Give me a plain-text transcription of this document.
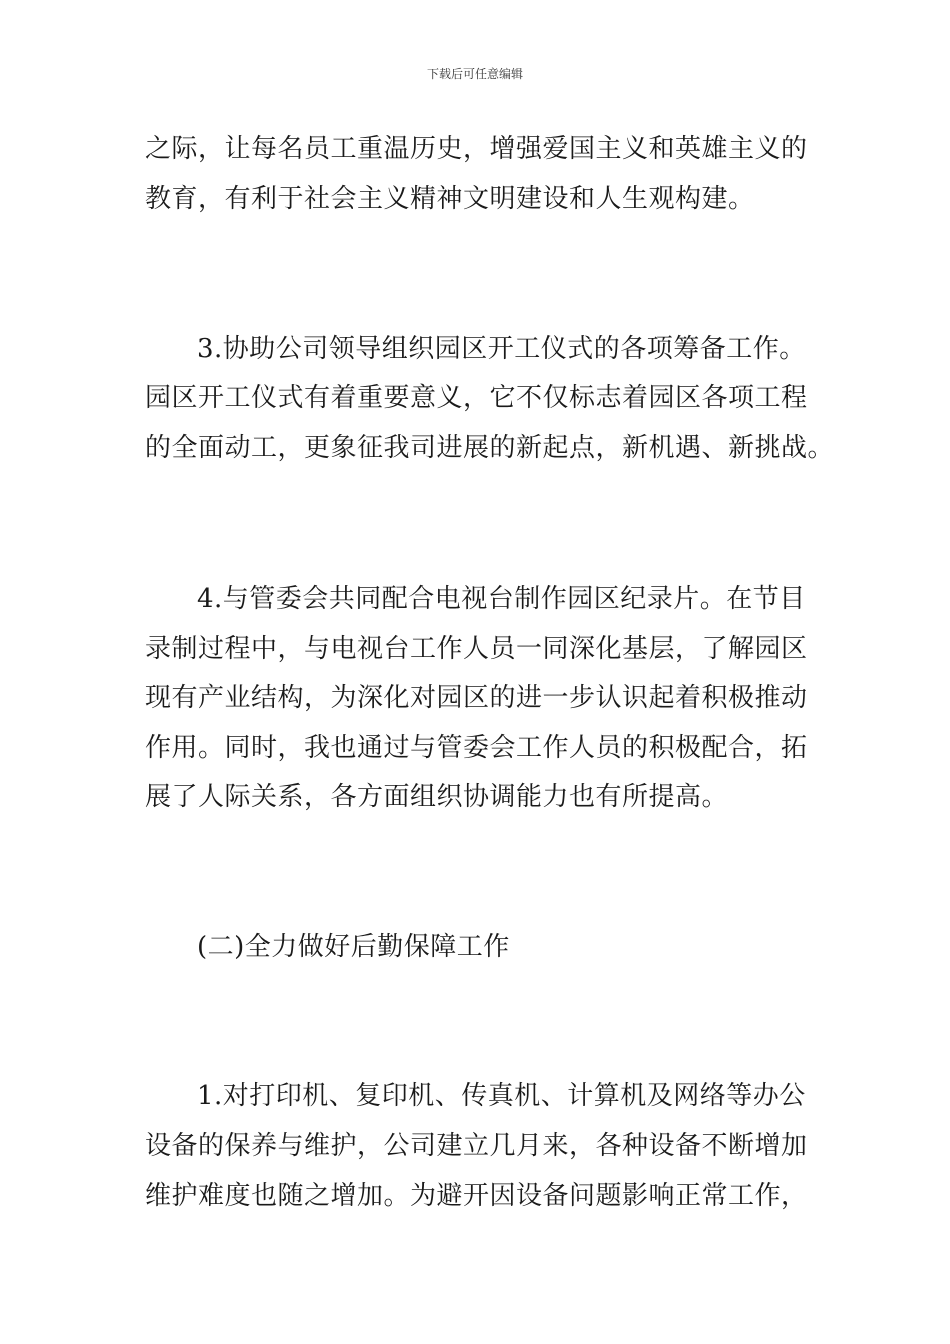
下载后可任意编辑
之际，让每名员工重温历史，增强爱国主义和英雄主义的
教育，有利于社会主义精神文明建设和人生观构建。
3.协助公司领导组织园区开工仪式的各项筹备工作。
园区开工仪式有着重要意义，它不仅标志着园区各项工程
的全面动工，更象征我司进展的新起点，新机遇、新挑战。
4.与管委会共同配合电视台制作园区纪录片。在节目
录制过程中，与电视台工作人员一同深化基层，了解园区
现有产业结构，为深化对园区的进一步认识起着积极推动
作用。同时，我也通过与管委会工作人员的积极配合，拓
展了人际关系，各方面组织协调能力也有所提高。
(二)全力做好后勤保障工作
1.对打印机、复印机、传真机、计算机及网络等办公
设备的保养与维护，公司建立几月来，各种设备不断增加
维护难度也随之增加。为避开因设备问题影响正常工作，
